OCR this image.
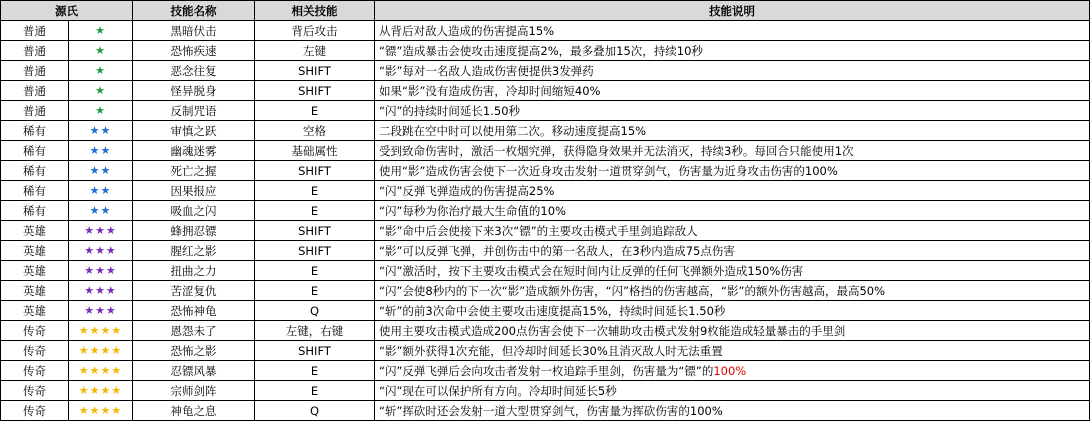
源氏		技能名称	相关技能	技能说明
普通	★	黑暗伏击	背后攻击	从背后对敌人造成的伤害提高15%
普通	★	恐怖疾速	左键	“镖”造成暴击会使攻击速度提高2%，最多叠加15次，持续10秒
普通	★	恶念往复	SHIFT	“影”每对一名敌人造成伤害便提供3发弹药
普通	★	怪异脱身	SHIFT	如果“影”没有造成伤害，冷却时间缩短40%
普通	★	反制咒语	E	“闪”的持续时间延长1.50秒
稀有	★★	审慎之跃	空格	二段跳在空中时可以使用第二次。移动速度提高15%
稀有	★★	幽魂迷雾	基础属性	受到致命伤害时，激活一枚烟究弹，获得隐身效果并无法消灭，持续3秒。每回合只能使用1次
稀有	★★	死亡之握	SHIFT	使用“影”造成伤害会使下一次近身攻击发射一道贯穿剑气，伤害量为近身攻击伤害的100%
稀有	★★	因果报应	E	“闪”反弹飞弹造成的伤害提高25%
稀有	★★	吸血之闪	E	“闪”每秒为你治疗最大生命值的10%
英雄	★★★	蜂拥忍镖	SHIFT	“影”命中后会使接下来3次“镖”的主要攻击模式手里剑追踪敌人
英雄	★★★	腥红之影	SHIFT	“影”可以反弹飞弹，并创伤击中的第一名敌人，在3秒内造成75点伤害
英雄	★★★	扭曲之力	E	“闪”激活时，按下主要攻击模式会在短时间内让反弹的任何飞弹额外造成150%伤害
英雄	★★★	苦涩复仇	E	“闪”会使8秒内的下一次“影”造成额外伤害，“闪”格挡的伤害越高，“影”的额外伤害越高，最高50%
英雄	★★★	恐怖神龟	Q	“斩”的前3次命中会使主要攻击速度提高15%，持续时间延长1.50秒
传奇	★★★★	恩怨未了	左键，右键	使用主要攻击模式造成200点伤害会使下一次辅助攻击模式发射9枚能造成轻量暴击的手里剑
传奇	★★★★	恐怖之影	SHIFT	“影”额外获得1次充能，但冷却时间延长30%且消灭敌人时无法重置
传奇	★★★★	忍镖风暴	E	“闪”反弹飞弹后会向攻击者发射一枚追踪手里剑，伤害量为“镖”的100%
传奇	★★★★	宗师剑阵	E	“闪”现在可以保护所有方向。冷却时间延长5秒
传奇	★★★★	神龟之息	Q	“斩”挥砍时还会发射一道大型贯穿剑气，伤害量为挥砍伤害的100%
